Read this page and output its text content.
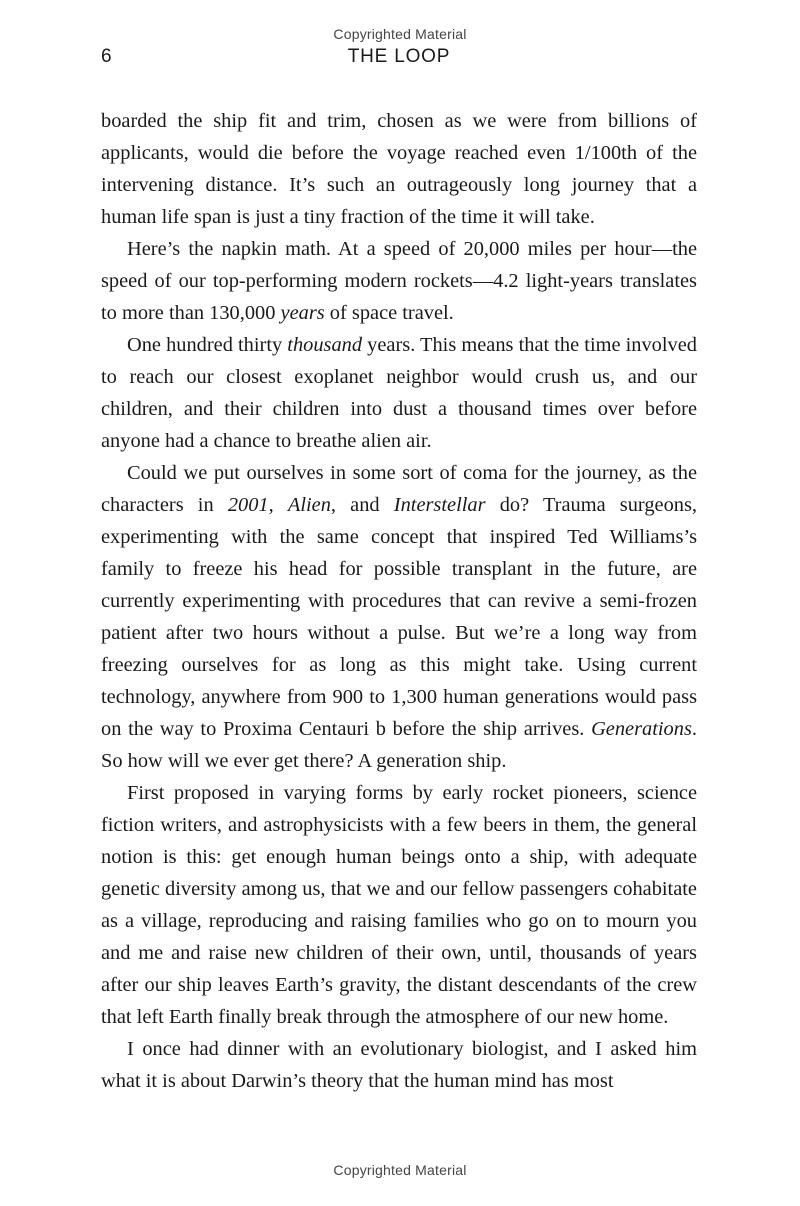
Copyrighted Material
6	THE LOOP

boarded the ship fit and trim, chosen as we were from billions of applicants, would die before the voyage reached even 1/100th of the intervening distance. It’s such an outrageously long journey that a human life span is just a tiny fraction of the time it will take.

Here’s the napkin math. At a speed of 20,000 miles per hour—the speed of our top-performing modern rockets—4.2 light-years translates to more than 130,000 years of space travel.

One hundred thirty thousand years. This means that the time involved to reach our closest exoplanet neighbor would crush us, and our children, and their children into dust a thousand times over before anyone had a chance to breathe alien air.

Could we put ourselves in some sort of coma for the journey, as the characters in 2001, Alien, and Interstellar do? Trauma surgeons, experimenting with the same concept that inspired Ted Williams’s family to freeze his head for possible transplant in the future, are currently experimenting with procedures that can revive a semi-frozen patient after two hours without a pulse. But we’re a long way from freezing ourselves for as long as this might take. Using current technology, anywhere from 900 to 1,300 human generations would pass on the way to Proxima Centauri b before the ship arrives. Generations. So how will we ever get there? A generation ship.

First proposed in varying forms by early rocket pioneers, science fiction writers, and astrophysicists with a few beers in them, the general notion is this: get enough human beings onto a ship, with adequate genetic diversity among us, that we and our fellow passengers cohabitate as a village, reproducing and raising families who go on to mourn you and me and raise new children of their own, until, thousands of years after our ship leaves Earth’s gravity, the distant descendants of the crew that left Earth finally break through the atmosphere of our new home.

I once had dinner with an evolutionary biologist, and I asked him what it is about Darwin’s theory that the human mind has most

Copyrighted Material
